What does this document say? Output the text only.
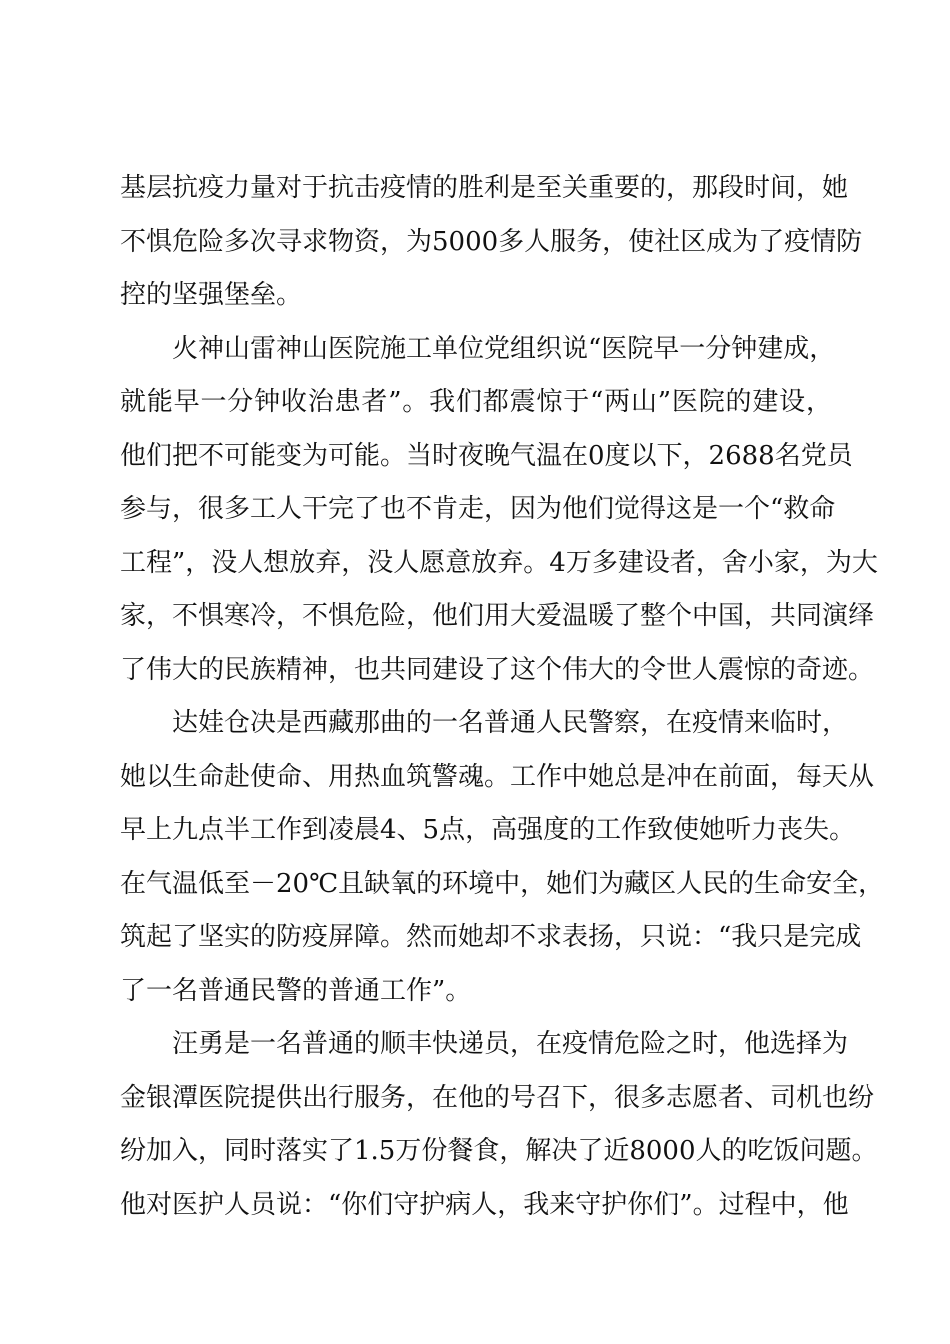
基层抗疫力量对于抗击疫情的胜利是至关重要的，那段时间，她
不惧危险多次寻求物资，为5000多人服务，使社区成为了疫情防
控的坚强堡垒。
火神山雷神山医院施工单位党组织说“医院早一分钟建成，
就能早一分钟收治患者”。我们都震惊于“两山”医院的建设，
他们把不可能变为可能。当时夜晚气温在0度以下，2688名党员
参与，很多工人干完了也不肯走，因为他们觉得这是一个“救命
工程”，没人想放弃，没人愿意放弃。4万多建设者，舍小家，为大
家，不惧寒冷，不惧危险，他们用大爱温暖了整个中国，共同演绎
了伟大的民族精神，也共同建设了这个伟大的令世人震惊的奇迹。
达娃仓决是西藏那曲的一名普通人民警察，在疫情来临时，
她以生命赴使命、用热血筑警魂。工作中她总是冲在前面，每天从
早上九点半工作到凌晨4、5点，高强度的工作致使她听力丧失。
在气温低至－20℃且缺氧的环境中，她们为藏区人民的生命安全，
筑起了坚实的防疫屏障。然而她却不求表扬，只说：“我只是完成
了一名普通民警的普通工作”。
汪勇是一名普通的顺丰快递员，在疫情危险之时，他选择为
金银潭医院提供出行服务，在他的号召下，很多志愿者、司机也纷
纷加入，同时落实了1.5万份餐食，解决了近8000人的吃饭问题。
他对医护人员说：“你们守护病人，我来守护你们”。过程中，他
